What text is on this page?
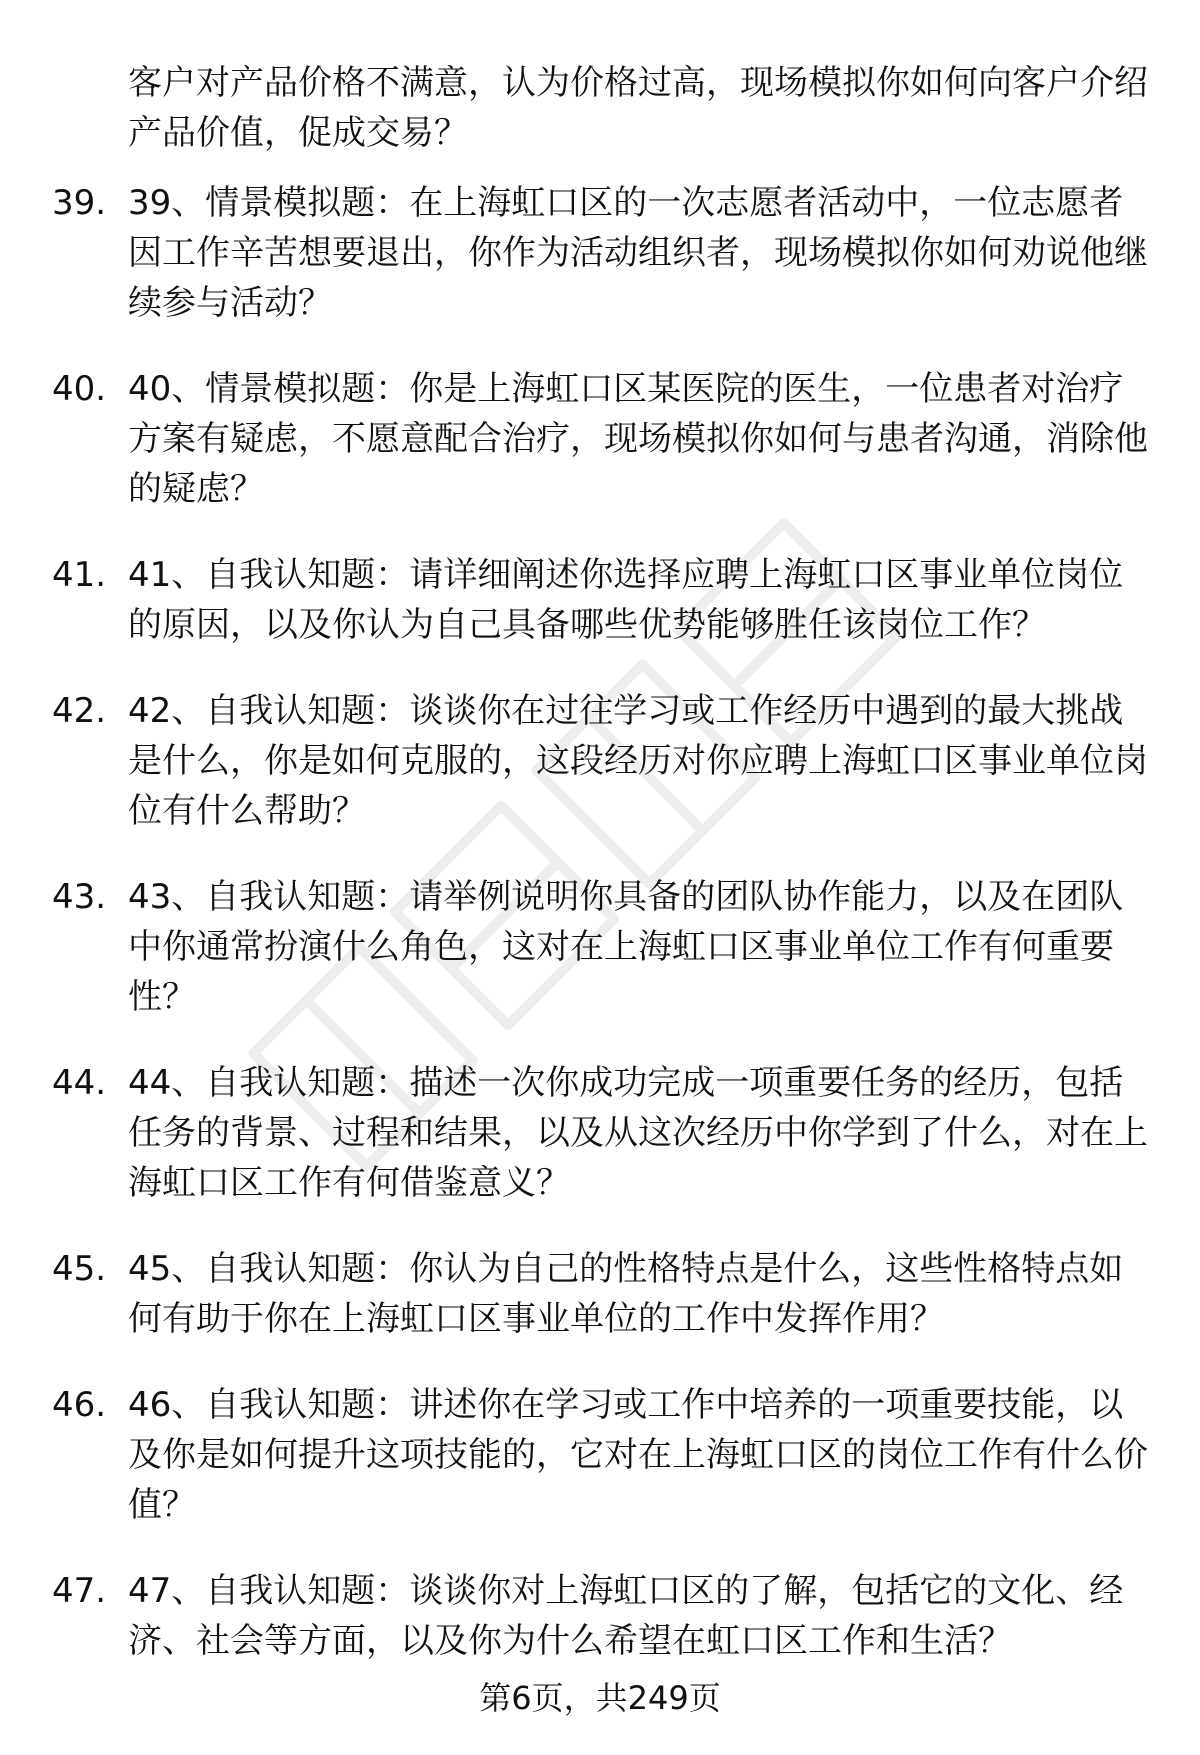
客户对产品价格不满意，认为价格过高，现场模拟你如何向客户介绍产品价值，促成交易？
39. 39、情景模拟题：在上海虹口区的一次志愿者活动中，一位志愿者因工作辛苦想要退出，你作为活动组织者，现场模拟你如何劝说他继续参与活动？
40. 40、情景模拟题：你是上海虹口区某医院的医生，一位患者对治疗方案有疑虑，不愿意配合治疗，现场模拟你如何与患者沟通，消除他的疑虑？
41. 41、自我认知题：请详细阐述你选择应聘上海虹口区事业单位岗位的原因，以及你认为自己具备哪些优势能够胜任该岗位工作？
42. 42、自我认知题：谈谈你在过往学习或工作经历中遇到的最大挑战是什么，你是如何克服的，这段经历对你应聘上海虹口区事业单位岗位有什么帮助？
43. 43、自我认知题：请举例说明你具备的团队协作能力，以及在团队中你通常扮演什么角色，这对在上海虹口区事业单位工作有何重要性？
44. 44、自我认知题：描述一次你成功完成一项重要任务的经历，包括任务的背景、过程和结果，以及从这次经历中你学到了什么，对在上海虹口区工作有何借鉴意义？
45. 45、自我认知题：你认为自己的性格特点是什么，这些性格特点如何有助于你在上海虹口区事业单位的工作中发挥作用？
46. 46、自我认知题：讲述你在学习或工作中培养的一项重要技能，以及你是如何提升这项技能的，它对在上海虹口区的岗位工作有什么价值？
47. 47、自我认知题：谈谈你对上海虹口区的了解，包括它的文化、经济、社会等方面，以及你为什么希望在虹口区工作和生活？
第6页，共249页
